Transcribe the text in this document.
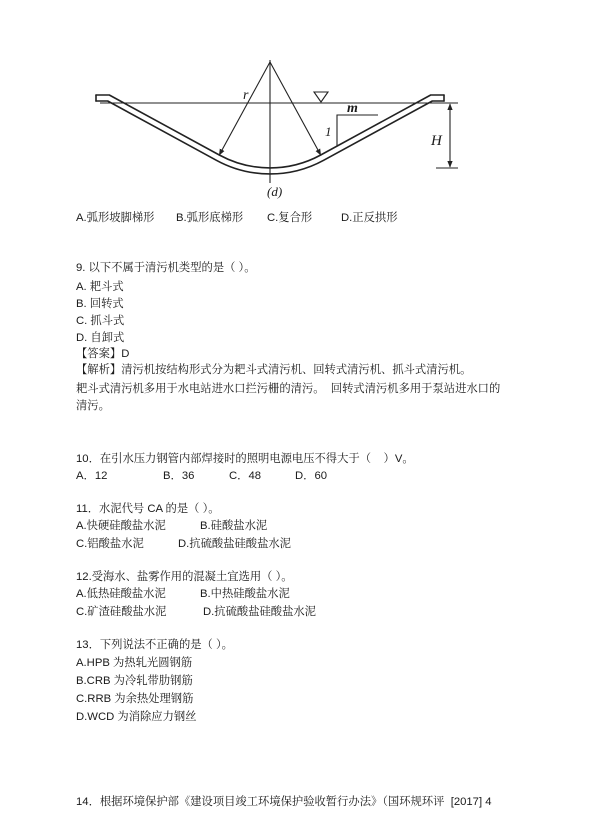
r
m
1
H
(d)
A.弧形坡脚梯形 B.弧形底梯形 C.复合形	D.正反拱形
9. 以下不属于清污机类型的是（ ）。
A. 耙斗式
B. 回转式
C. 抓斗式
D. 自卸式
【答案】D
【解析】清污机按结构形式分为耙斗式清污机、回转式清污机、抓斗式清污机。
耙斗式清污机多用于水电站进水口拦污栅的清污。  回转式清污机多用于泵站进水口的
清污。
10．在引水压力钢管内部焊接时的照明电源电压不得大于（    ）V。
A．12	B．36	C．48	D．60
11．水泥代号 CA 的是（ ）。
A.快硬硅酸盐水泥	B.硅酸盐水泥
C.铝酸盐水泥	D.抗硫酸盐硅酸盐水泥
12.受海水、盐雾作用的混凝土宜选用（ ）。
A.低热硅酸盐水泥	B.中热硅酸盐水泥
C.矿渣硅酸盐水泥	D.抗硫酸盐硅酸盐水泥
13．下列说法不正确的是（ ）。
A.HPB 为热轧光圆钢筋
B.CRB 为冷轧带肋钢筋
C.RRB 为余热处理钢筋
D.WCD 为消除应力钢丝
14．根据环境保护部《建设项目竣工环境保护验收暂行办法》（国环规环评  [2017] 4
